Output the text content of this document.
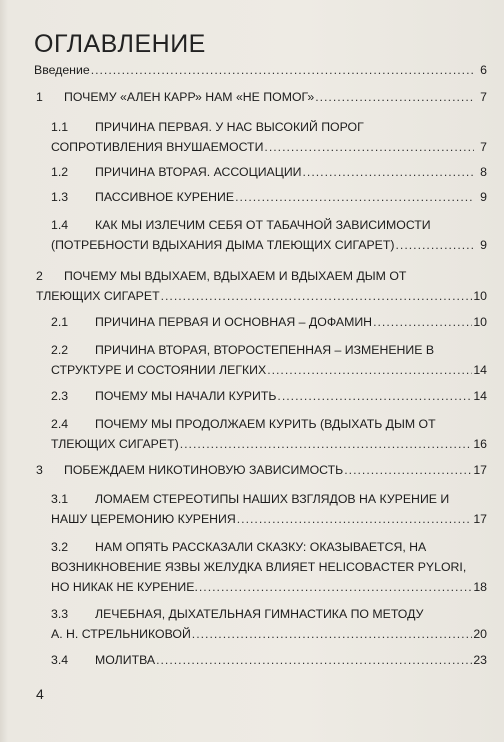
ОГЛАВЛЕНИЕ
Введение .....	6
1	ПОЧЕМУ «АЛЕН КАРР» НАМ «НЕ ПОМОГ» .....	7
1.1	ПРИЧИНА ПЕРВАЯ. У НАС ВЫСОКИЙ ПОРОГ
СОПРОТИВЛЕНИЯ ВНУШАЕМОСТИ .....	7
1.2	ПРИЧИНА ВТОРАЯ. АССОЦИАЦИИ .....	8
1.3	ПАССИВНОЕ КУРЕНИЕ .....	9
1.4	КАК МЫ ИЗЛЕЧИМ СЕБЯ ОТ ТАБАЧНОЙ ЗАВИСИМОСТИ
(ПОТРЕБНОСТИ ВДЫХАНИЯ ДЫМА ТЛЕЮЩИХ СИГАРЕТ) .....	9
2	ПОЧЕМУ МЫ ВДЫХАЕМ, ВДЫХАЕМ И ВДЫХАЕМ ДЫМ ОТ
ТЛЕЮЩИХ СИГАРЕТ .....	10
2.1	ПРИЧИНА ПЕРВАЯ И ОСНОВНАЯ – ДОФАМИН .....	10
2.2	ПРИЧИНА ВТОРАЯ, ВТОРОСТЕПЕННАЯ – ИЗМЕНЕНИЕ В
СТРУКТУРЕ И СОСТОЯНИИ ЛЕГКИХ .....	14
2.3	ПОЧЕМУ МЫ НАЧАЛИ КУРИТЬ .....	14
2.4	ПОЧЕМУ МЫ ПРОДОЛЖАЕМ КУРИТЬ (ВДЫХАТЬ ДЫМ ОТ
ТЛЕЮЩИХ СИГАРЕТ) .....	16
3	ПОБЕЖДАЕМ НИКОТИНОВУЮ ЗАВИСИМОСТЬ .....	17
3.1	ЛОМАЕМ СТЕРЕОТИПЫ НАШИХ ВЗГЛЯДОВ НА КУРЕНИЕ И
НАШУ ЦЕРЕМОНИЮ КУРЕНИЯ .....	17
3.2	НАМ ОПЯТЬ РАССКАЗАЛИ СКАЗКУ: ОКАЗЫВАЕТСЯ, НА
ВОЗНИКНОВЕНИЕ ЯЗВЫ ЖЕЛУДКА ВЛИЯЕТ HELICOBACTER PYLORI,
НО НИКАК НЕ КУРЕНИЕ. .....	18
3.3	ЛЕЧЕБНАЯ, ДЫХАТЕЛЬНАЯ ГИМНАСТИКА ПО МЕТОДУ
А. Н. СТРЕЛЬНИКОВОЙ .....	20
3.4	МОЛИТВА .....	23
4
